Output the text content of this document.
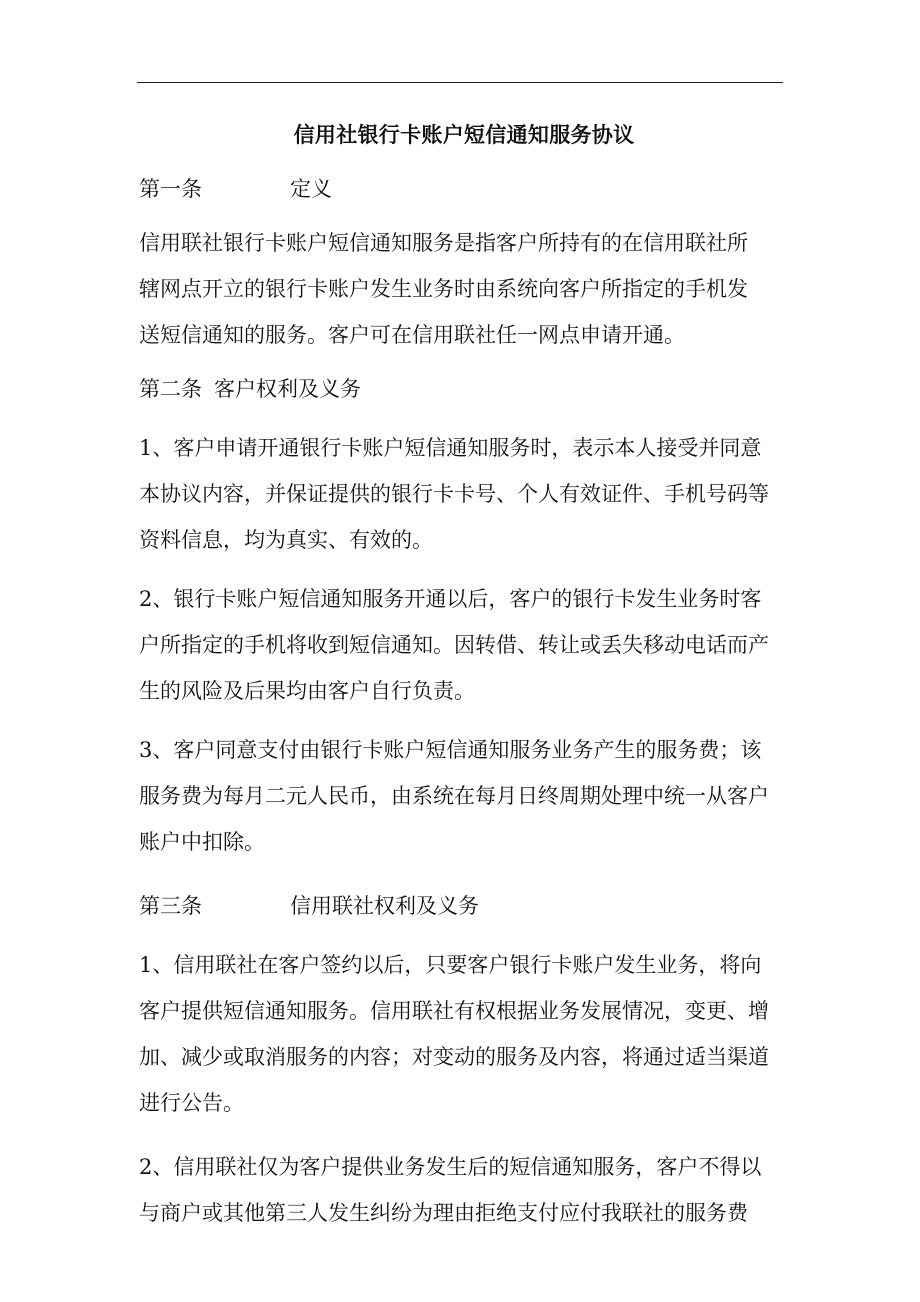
信用社银行卡账户短信通知服务协议
第一条	定义
信用联社银行卡账户短信通知服务是指客户所持有的在信用联社所
辖网点开立的银行卡账户发生业务时由系统向客户所指定的手机发
送短信通知的服务。客户可在信用联社任一网点申请开通。
第二条 客户权利及义务
1、客户申请开通银行卡账户短信通知服务时，表示本人接受并同意
本协议内容，并保证提供的银行卡卡号、个人有效证件、手机号码等
资料信息，均为真实、有效的。
2、银行卡账户短信通知服务开通以后，客户的银行卡发生业务时客
户所指定的手机将收到短信通知。因转借、转让或丢失移动电话而产
生的风险及后果均由客户自行负责。
3、客户同意支付由银行卡账户短信通知服务业务产生的服务费；该
服务费为每月二元人民币，由系统在每月日终周期处理中统一从客户
账户中扣除。
第三条	信用联社权利及义务
1、信用联社在客户签约以后，只要客户银行卡账户发生业务，将向
客户提供短信通知服务。信用联社有权根据业务发展情况，变更、增
加、减少或取消服务的内容；对变动的服务及内容，将通过适当渠道
进行公告。
2、信用联社仅为客户提供业务发生后的短信通知服务，客户不得以
与商户或其他第三人发生纠纷为理由拒绝支付应付我联社的服务费
